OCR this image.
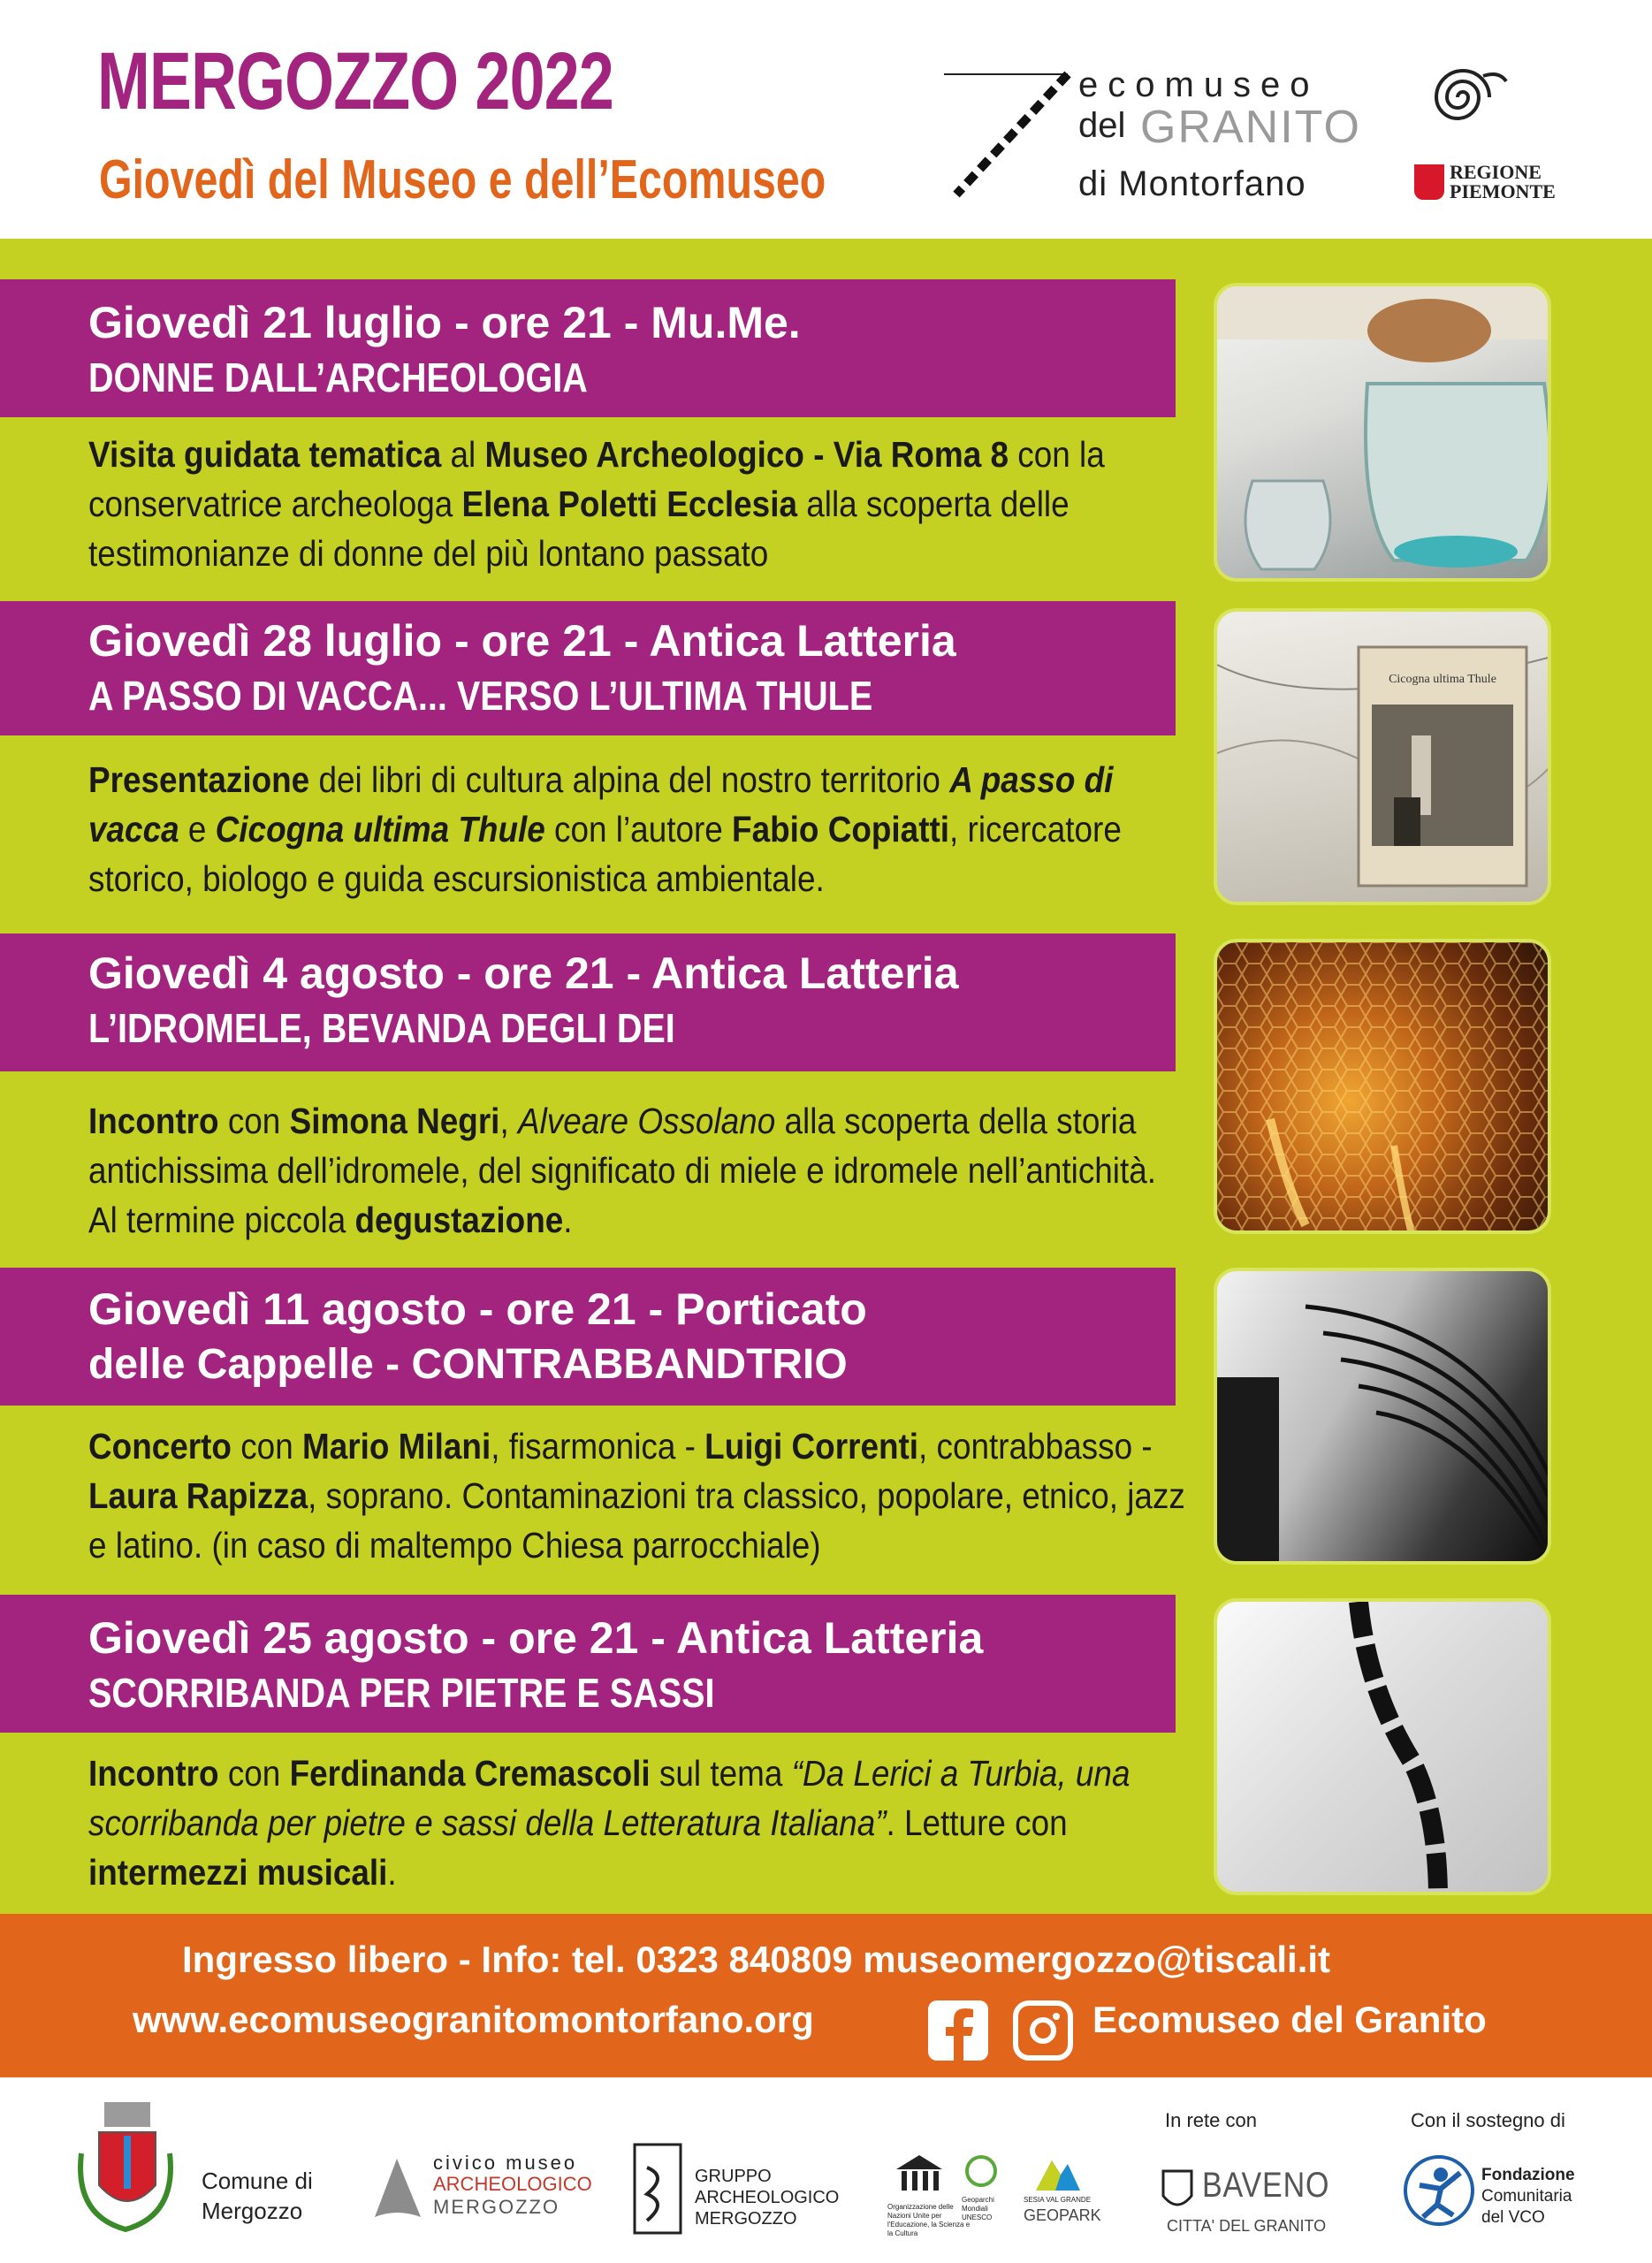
MERGOZZO 2022
Giovedì del Museo e dell’Ecomuseo
ecomuseo
del GRANITO
di Montorfano	REGIONE
PIEMONTE
Giovedì 21 luglio - ore 21 - Mu.Me.
DONNE DALL’ARCHEOLOGIA
Visita guidata tematica al Museo Archeologico - Via Roma 8 con la conservatrice archeologa Elena Poletti Ecclesia alla scoperta delle testimonianze di donne del più lontano passato
Giovedì 28 luglio - ore 21 - Antica Latteria
A PASSO DI VACCA... VERSO L’ULTIMA THULE
Presentazione dei libri di cultura alpina del nostro territorio A passo di vacca e Cicogna ultima Thule con l’autore Fabio Copiatti, ricercatore storico, biologo e guida escursionistica ambientale.
Cicogna ultima Thule
Giovedì 4 agosto - ore 21 - Antica Latteria
L’IDROMELE, BEVANDA DEGLI DEI
Incontro con Simona Negri, Alveare Ossolano alla scoperta della storia antichissima dell’idromele, del significato di miele e idromele nell’antichità. Al termine piccola degustazione.
Giovedì 11 agosto - ore 21 - Porticato
delle Cappelle - CONTRABBANDTRIO
Concerto con Mario Milani, fisarmonica - Luigi Correnti, contrabbasso - Laura Rapizza, soprano. Contaminazioni tra classico, popolare, etnico, jazz e latino. (in caso di maltempo Chiesa parrocchiale)
Giovedì 25 agosto - ore 21 - Antica Latteria
SCORRIBANDA PER PIETRE E SASSI
Incontro con Ferdinanda Cremascoli sul tema “Da Lerici a Turbia, una scorribanda per pietre e sassi della Letteratura Italiana”. Letture con intermezzi musicali.
Ingresso libero - Info: tel. 0323 840809 museomergozzo@tiscali.it
www.ecomuseogranitomontorfano.org	Ecomuseo del Granito
Comune di
Mergozzo
civico museo
ARCHEOLOGICO
MERGOZZO
GRUPPO
ARCHEOLOGICO
MERGOZZO
Organizzazione delle Nazioni Unite per l'Educazione, la Scienza e la Cultura
Geoparchi Mondiali UNESCO
SESIA VAL GRANDE
GEOPARK
In rete con
BAVENO
CITTA' DEL GRANITO
Con il sostegno di
Fondazione
Comunitaria
del VCO
